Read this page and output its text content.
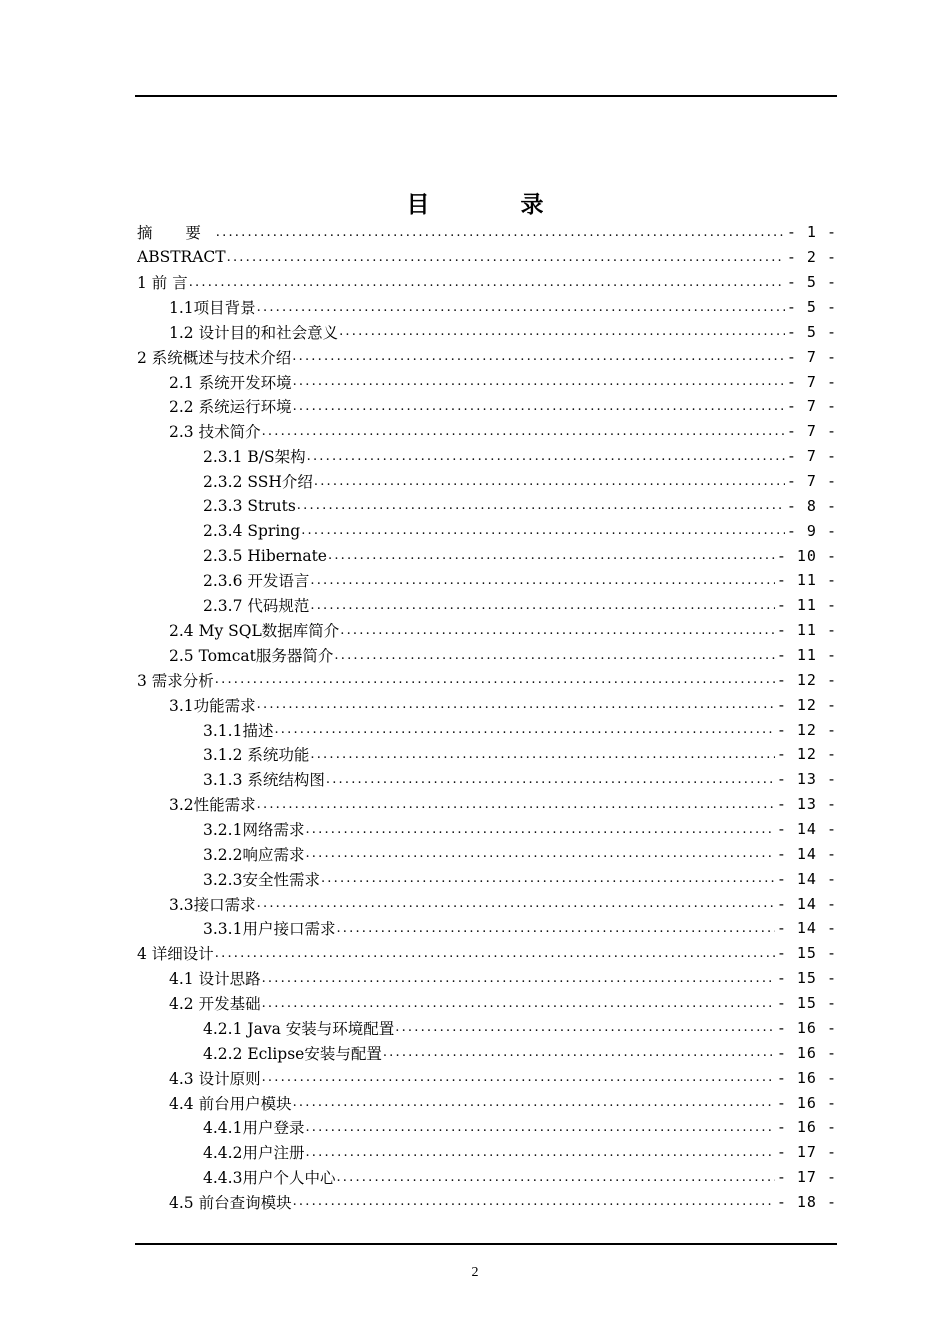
目　录
摘 要 .....	- 1 -
ABSTRACT .....	- 2 -
1 前 言 .....	- 5 -
1.1项目背景 .....	- 5 -
1.2 设计目的和社会意义 .....	- 5 -
2 系统概述与技术介绍 .....	- 7 -
2.1 系统开发环境 .....	- 7 -
2.2 系统运行环境 .....	- 7 -
2.3 技术简介 .....	- 7 -
2.3.1 B/S架构 .....	- 7 -
2.3.2 SSH介绍 .....	- 7 -
2.3.3 Struts .....	- 8 -
2.3.4 Spring .....	- 9 -
2.3.5 Hibernate .....	- 10 -
2.3.6 开发语言 .....	- 11 -
2.3.7 代码规范 .....	- 11 -
2.4 My SQL数据库简介 .....	- 11 -
2.5 Tomcat服务器简介 .....	- 11 -
3 需求分析 .....	- 12 -
3.1功能需求 .....	- 12 -
3.1.1描述 .....	- 12 -
3.1.2 系统功能 .....	- 12 -
3.1.3 系统结构图 .....	- 13 -
3.2性能需求 .....	- 13 -
3.2.1网络需求 .....	- 14 -
3.2.2响应需求 .....	- 14 -
3.2.3安全性需求 .....	- 14 -
3.3接口需求 .....	- 14 -
3.3.1用户接口需求 .....	- 14 -
4 详细设计 .....	- 15 -
4.1 设计思路 .....	- 15 -
4.2 开发基础 .....	- 15 -
4.2.1 Java 安装与环境配置 .....	- 16 -
4.2.2 Eclipse安装与配置 .....	- 16 -
4.3 设计原则 .....	- 16 -
4.4 前台用户模块 .....	- 16 -
4.4.1用户登录 .....	- 16 -
4.4.2用户注册 .....	- 17 -
4.4.3用户个人中心 .....	- 17 -
4.5 前台查询模块 .....	- 18 -
2
